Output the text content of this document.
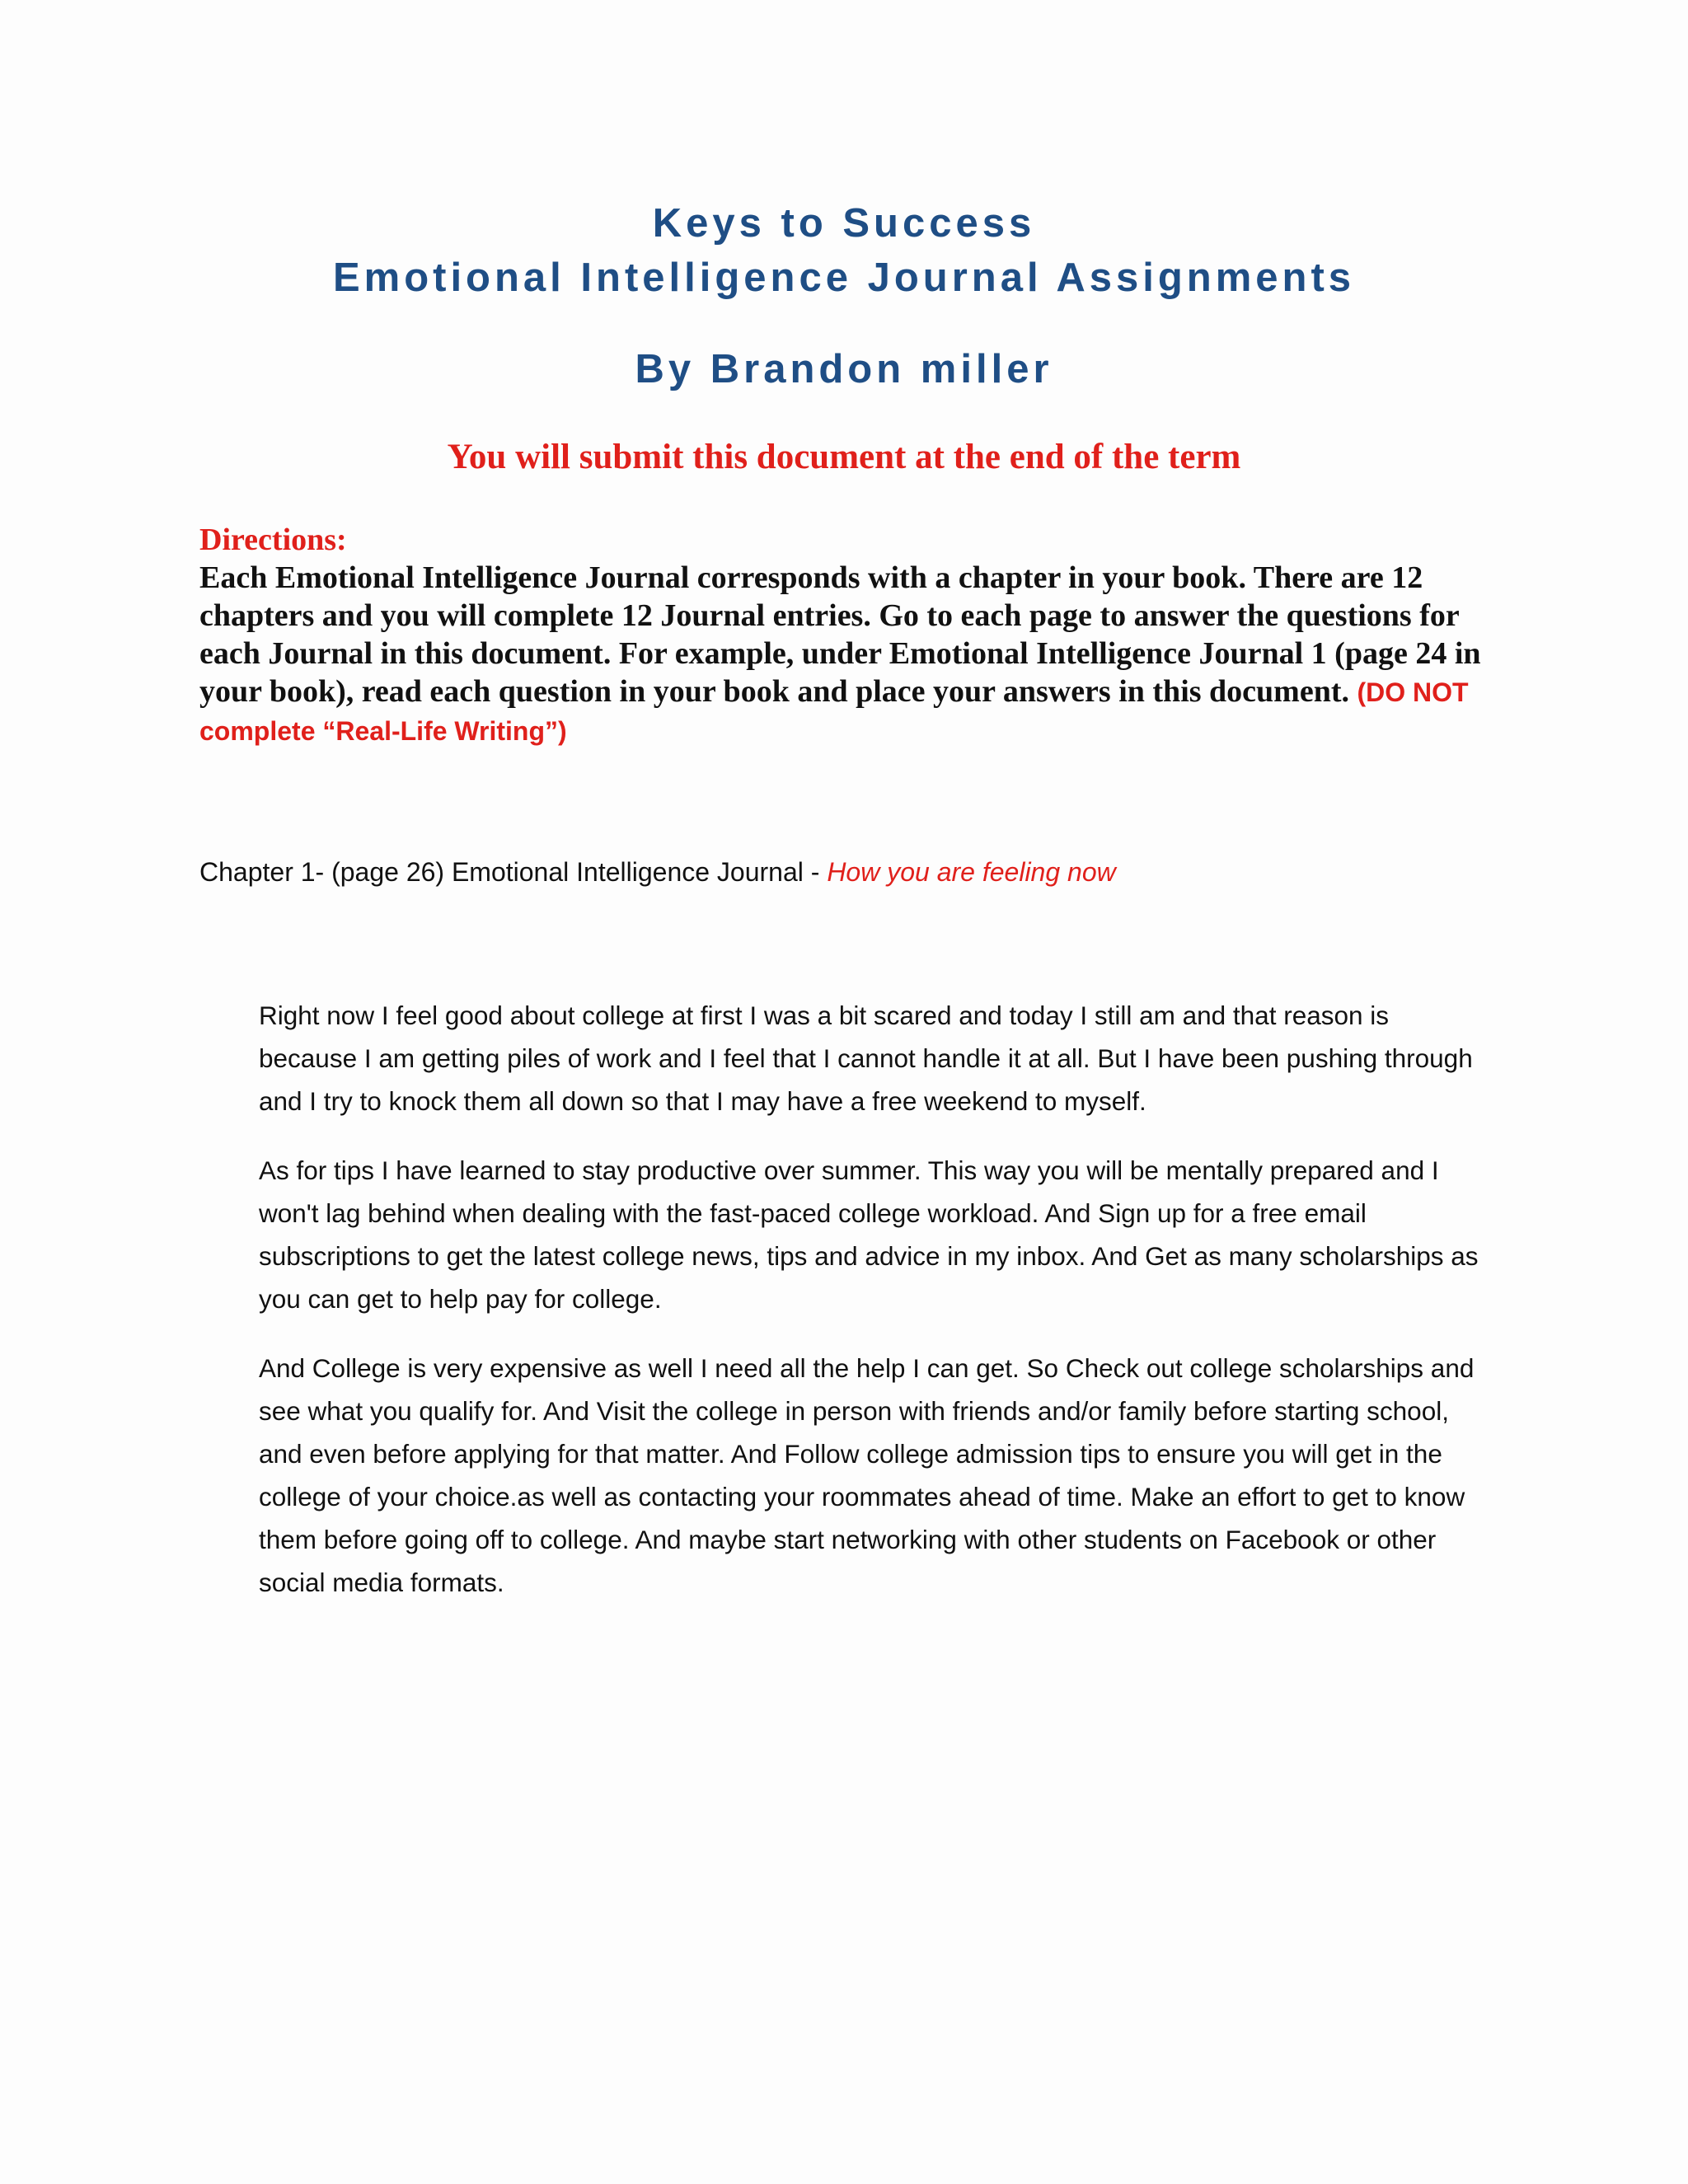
Keys to Success
Emotional Intelligence Journal Assignments
By Brandon miller
You will submit this document at the end of the term
Directions:
Each Emotional Intelligence Journal corresponds with a chapter in your book. There are 12 chapters and you will complete 12 Journal entries. Go to each page to answer the questions for each Journal in this document. For example, under Emotional Intelligence Journal 1 (page 24 in your book), read each question in your book and place your answers in this document. (DO NOT complete “Real-Life Writing”)
Chapter 1- (page 26) Emotional Intelligence Journal - How you are feeling now

Right now I feel good about college at first I was a bit scared and today I still am and that reason is because I am getting piles of work and I feel that I cannot handle it at all. But I have been pushing through and I try to knock them all down so that I may have a free weekend to myself.

As for tips I have learned to stay productive over summer. This way you will be mentally prepared and I won't lag behind when dealing with the fast-paced college workload. And Sign up for a free email subscriptions to get the latest college news, tips and advice in my inbox. And Get as many scholarships as you can get to help pay for college.

And College is very expensive as well I need all the help I can get. So Check out college scholarships and see what you qualify for. And Visit the college in person with friends and/or family before starting school, and even before applying for that matter. And Follow college admission tips to ensure you will get in the college of your choice.as well as contacting your roommates ahead of time. Make an effort to get to know them before going off to college. And maybe start networking with other students on Facebook or other social media formats.
